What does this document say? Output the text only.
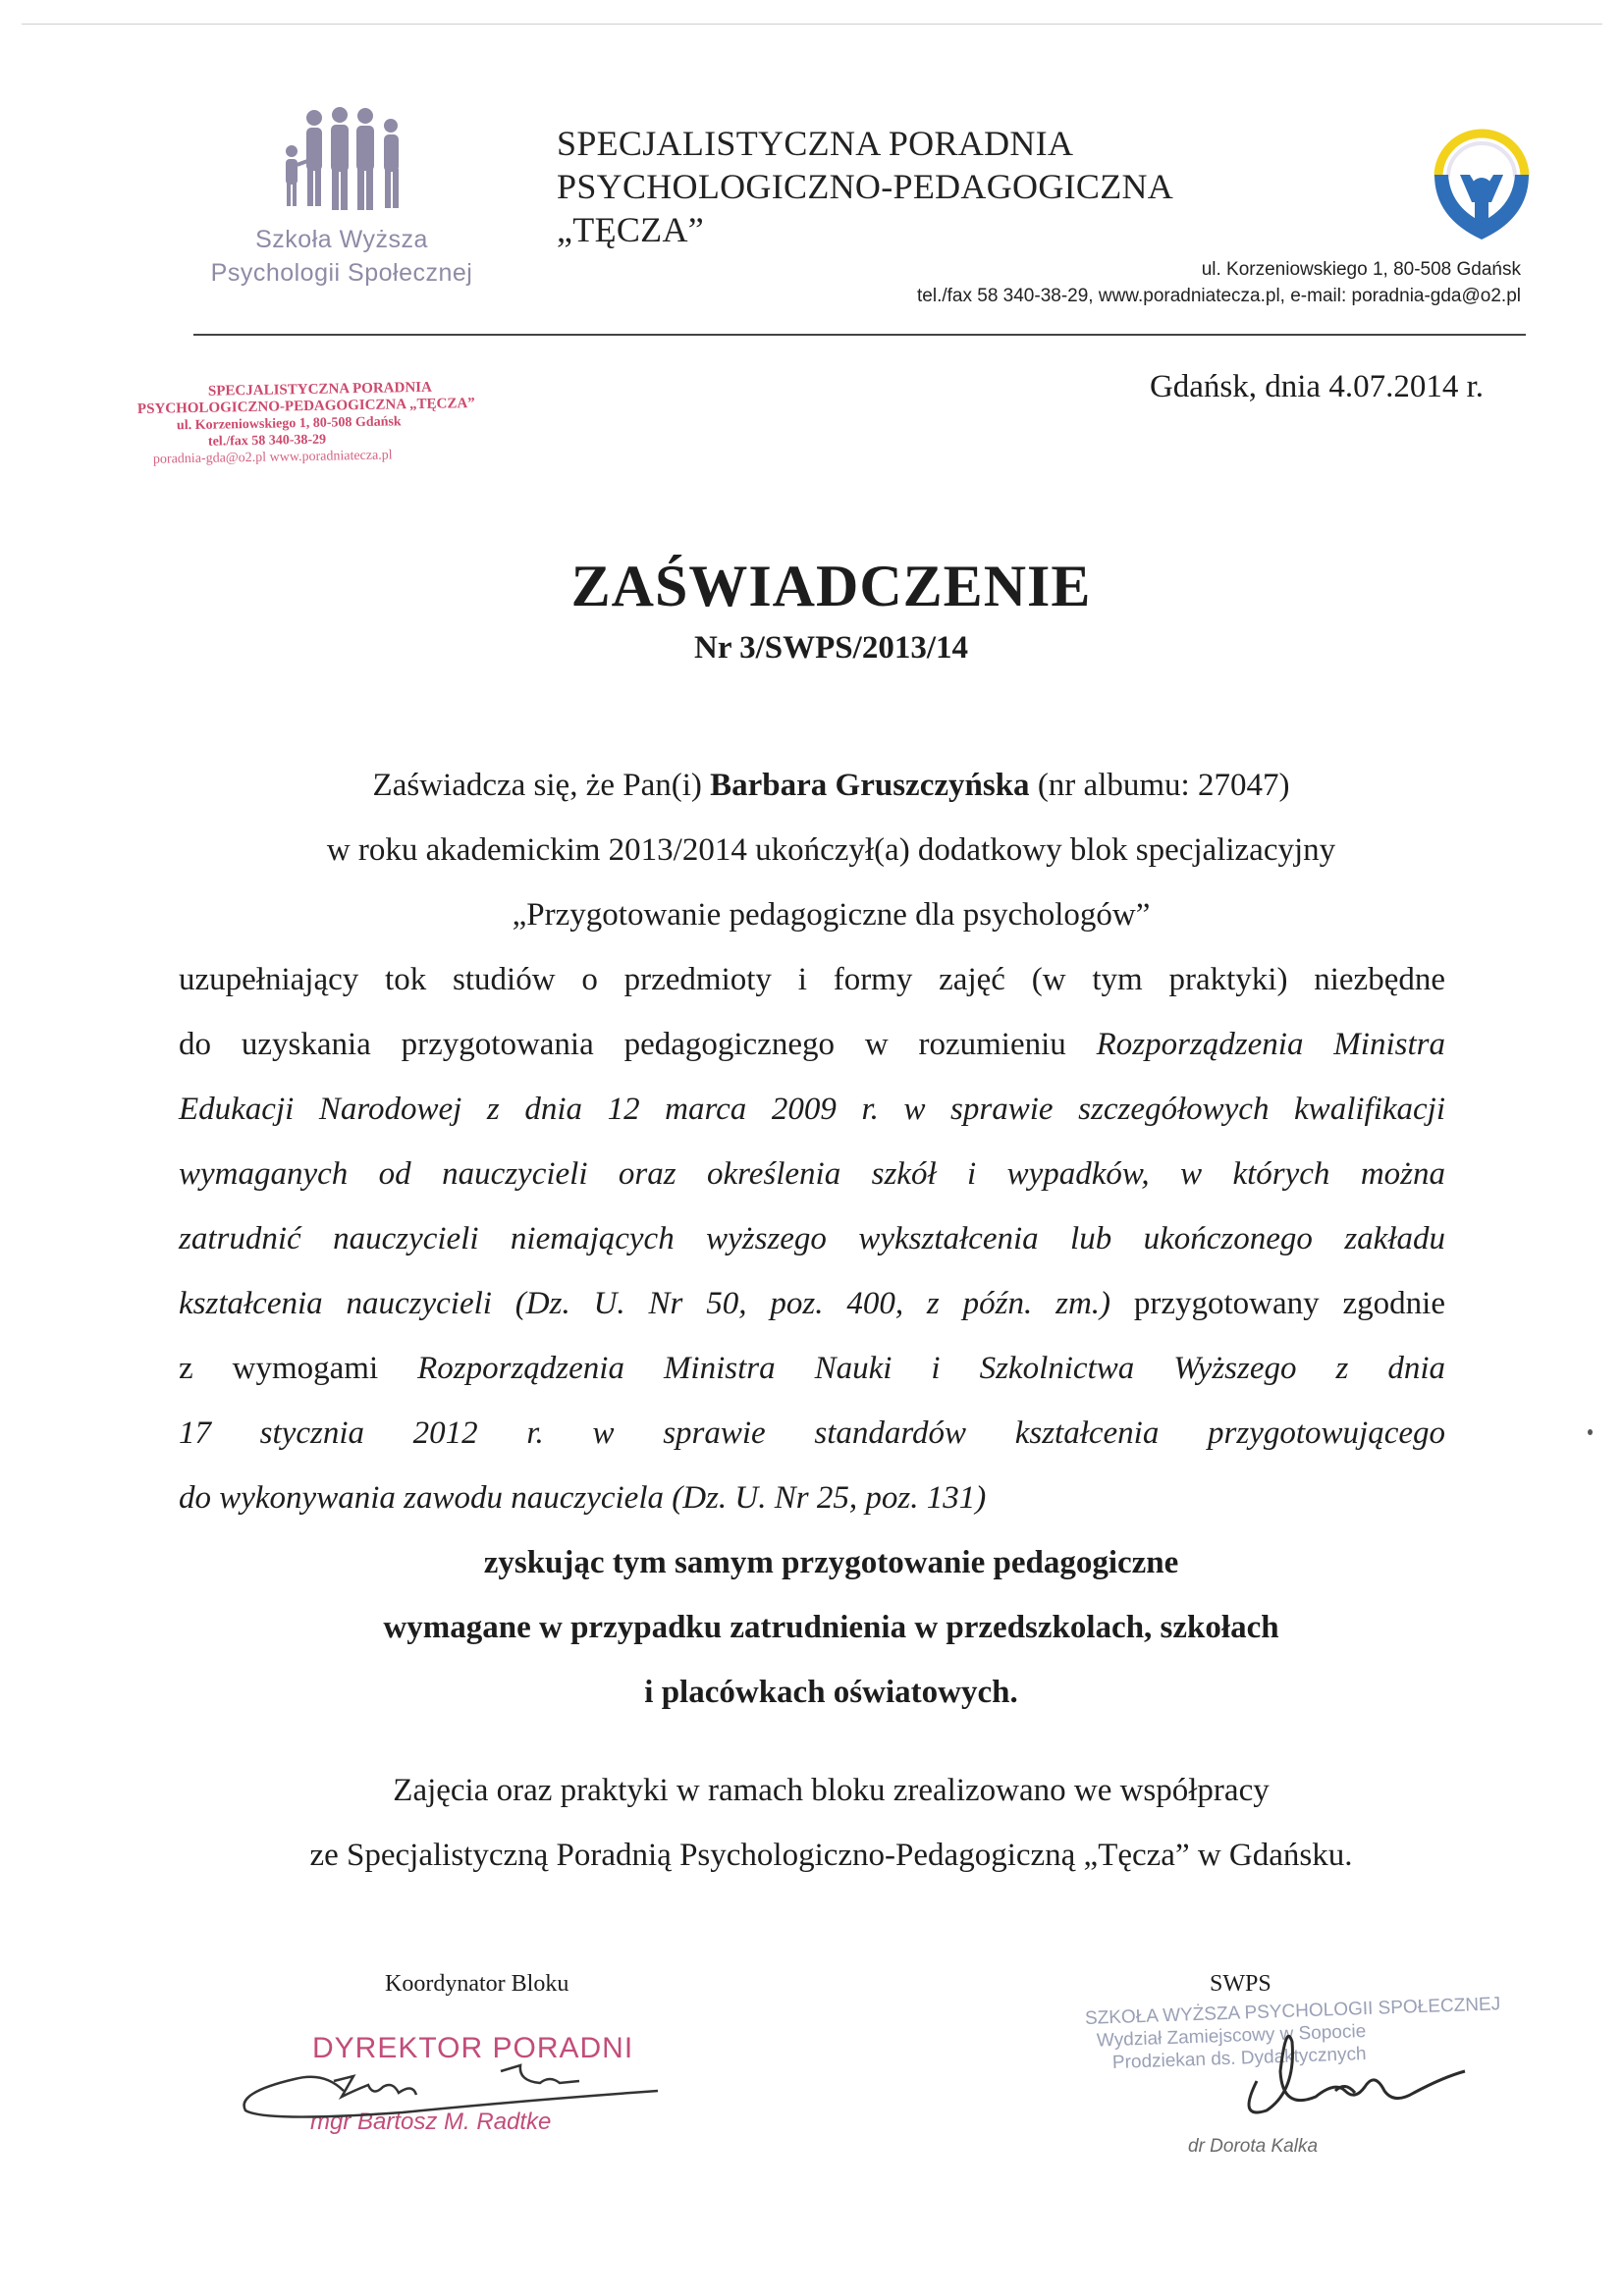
Szkoła Wyższa
Psychologii Społecznej
SPECJALISTYCZNA PORADNIA
PSYCHOLOGICZNO-PEDAGOGICZNA
„TĘCZA”
ul. Korzeniowskiego 1, 80-508 Gdańsk
tel./fax 58 340-38-29, www.poradniatecza.pl, e-mail: poradnia-gda@o2.pl
SPECJALISTYCZNA PORADNIA
PSYCHOLOGICZNO-PEDAGOGICZNA „TĘCZA”
ul. Korzeniowskiego 1, 80-508 Gdańsk
tel./fax 58 340-38-29
poradnia-gda@o2.pl www.poradniatecza.pl
Gdańsk, dnia 4.07.2014 r.
ZAŚWIADCZENIE
Nr 3/SWPS/2013/14
Zaświadcza się, że Pan(i) Barbara Gruszczyńska (nr albumu: 27047)
w roku akademickim 2013/2014 ukończył(a) dodatkowy blok specjalizacyjny
„Przygotowanie pedagogiczne dla psychologów”
uzupełniający tok studiów o przedmioty i formy zajęć (w tym praktyki) niezbędne
do uzyskania przygotowania pedagogicznego w rozumieniu Rozporządzenia Ministra
Edukacji Narodowej z dnia 12 marca 2009 r. w sprawie szczegółowych kwalifikacji
wymaganych od nauczycieli oraz określenia szkół i wypadków, w których można
zatrudnić nauczycieli niemających wyższego wykształcenia lub ukończonego zakładu
kształcenia nauczycieli (Dz. U. Nr 50, poz. 400, z późn. zm.) przygotowany zgodnie
z wymogami Rozporządzenia Ministra Nauki i Szkolnictwa Wyższego z dnia
17 stycznia 2012 r. w sprawie standardów kształcenia przygotowującego
do wykonywania zawodu nauczyciela (Dz. U. Nr 25, poz. 131)
zyskując tym samym przygotowanie pedagogiczne
wymagane w przypadku zatrudnienia w przedszkolach, szkołach
i placówkach oświatowych.
Zajęcia oraz praktyki w ramach bloku zrealizowano we współpracy
ze Specjalistyczną Poradnią Psychologiczno-Pedagogiczną „Tęcza” w Gdańsku.
Koordynator Bloku	SWPS
DYREKTOR PORADNI
mgr Bartosz M. Radtke
SZKOŁA WYŻSZA PSYCHOLOGII SPOŁECZNEJ
Wydział Zamiejscowy w Sopocie
Prodziekan ds. Dydaktycznych
dr Dorota Kalka
